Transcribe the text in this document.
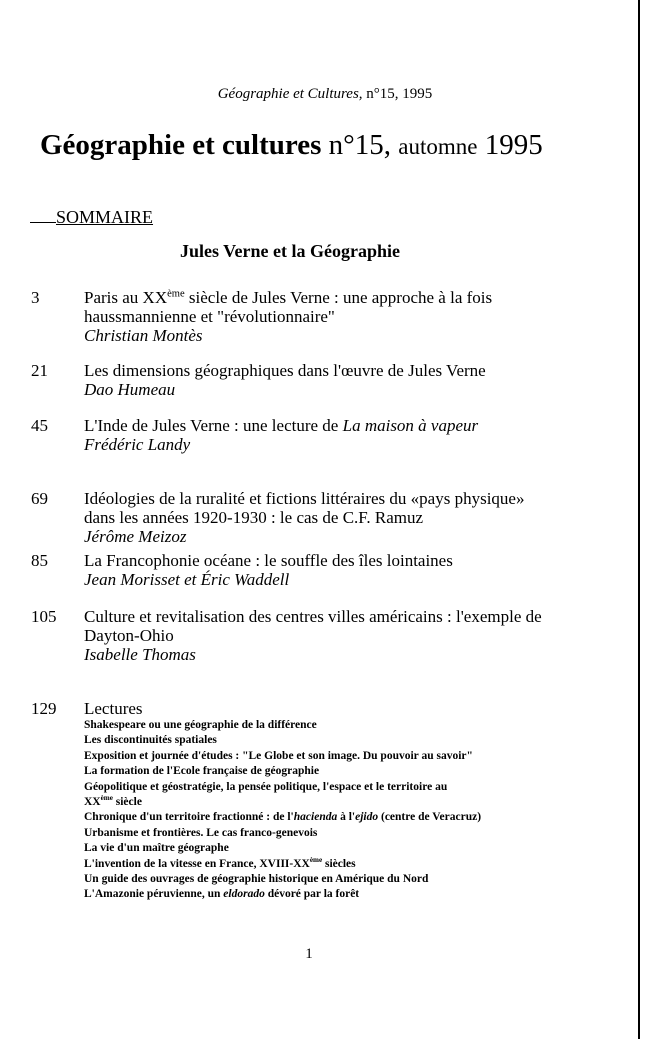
Géographie et Cultures, n°15, 1995
Géographie et cultures n°15, automne 1995
SOMMAIRE
Jules Verne et la Géographie
3	Paris au XXème siècle de Jules Verne : une approche à la fois haussmannienne et "révolutionnaire"
Christian Montès
21 Les dimensions géographiques dans l'œuvre de Jules Verne
Dao Humeau
45 L'Inde de Jules Verne : une lecture de La maison à vapeur
Frédéric Landy
69 Idéologies de la ruralité et fictions littéraires du «pays physique» dans les années 1920-1930 : le cas de C.F. Ramuz
Jérôme Meizoz
85 La Francophonie océane : le souffle des îles lointaines
Jean Morisset et Éric Waddell
105 Culture et revitalisation des centres villes américains : l'exemple de Dayton-Ohio
Isabelle Thomas
129 Lectures
Shakespeare ou une géographie de la différence
Les discontinuités spatiales
Exposition et journée d'études : "Le Globe et son image. Du pouvoir au savoir"
La formation de l'Ecole française de géographie
Géopolitique et géostratégie, la pensée politique, l'espace et le territoire au
XXème siècle
Chronique d'un territoire fractionné : de l'hacienda à l'ejido (centre de Veracruz)
Urbanisme et frontières. Le cas franco-genevois
La vie d'un maître géographe
L'invention de la vitesse en France, XVIII-XXème siècles
Un guide des ouvrages de géographie historique en Amérique du Nord
L'Amazonie péruvienne, un eldorado dévoré par la forêt
1
